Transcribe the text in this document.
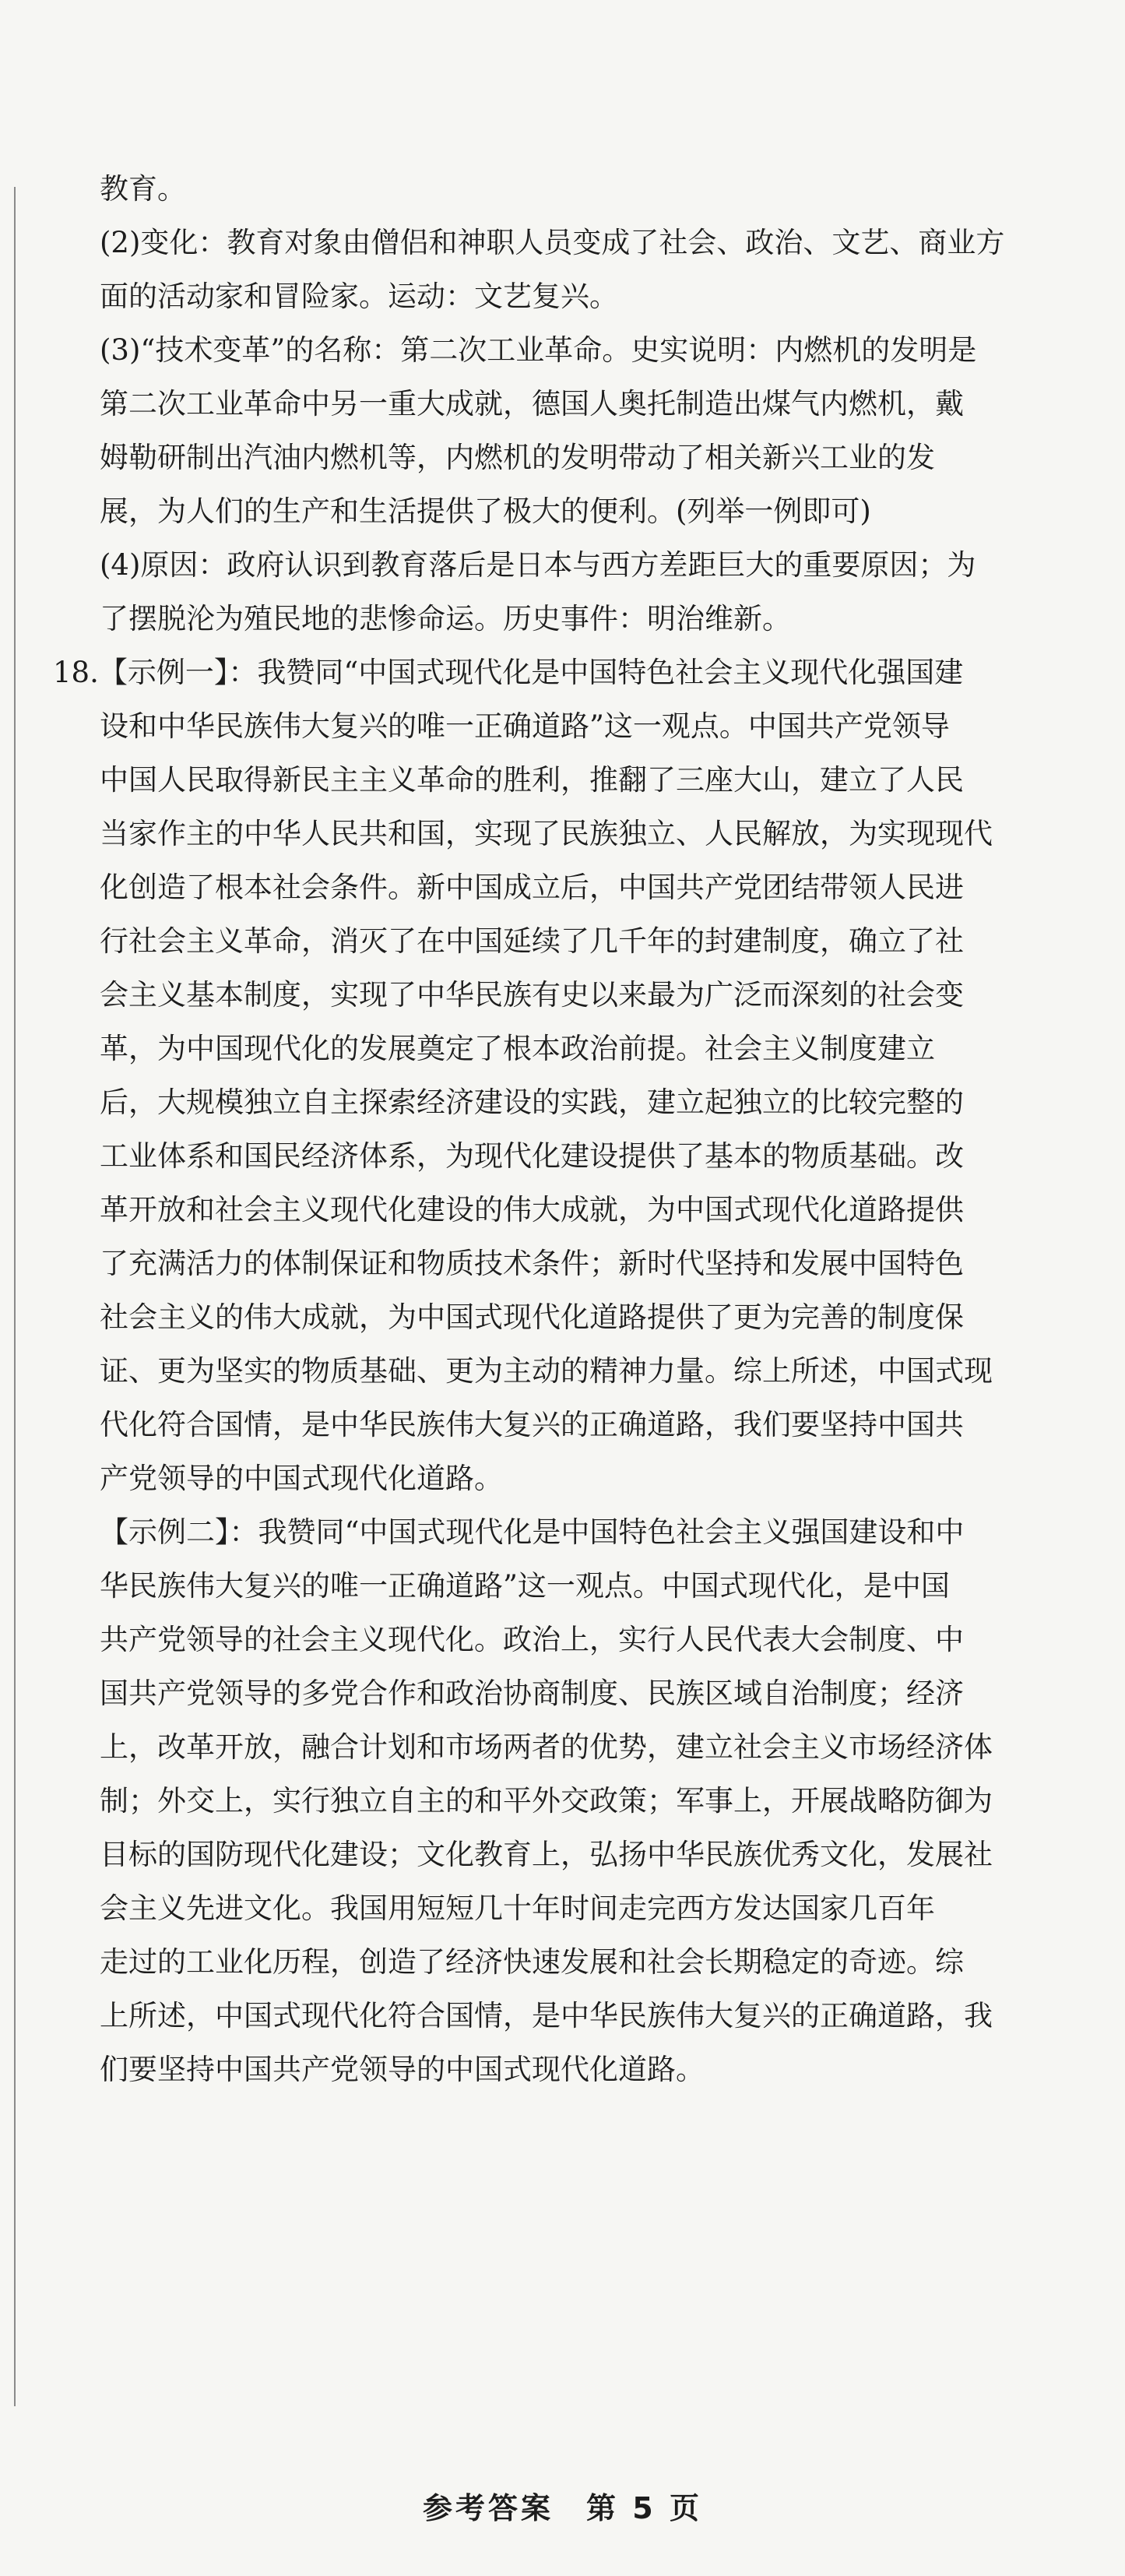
教育。
(2)变化：教育对象由僧侣和神职人员变成了社会、政治、文艺、商业方
面的活动家和冒险家。运动：文艺复兴。
(3)“技术变革”的名称：第二次工业革命。史实说明：内燃机的发明是
第二次工业革命中另一重大成就，德国人奥托制造出煤气内燃机，戴
姆勒研制出汽油内燃机等，内燃机的发明带动了相关新兴工业的发
展，为人们的生产和生活提供了极大的便利。(列举一例即可)
(4)原因：政府认识到教育落后是日本与西方差距巨大的重要原因；为
了摆脱沦为殖民地的悲惨命运。历史事件：明治维新。
18.【示例一】：我赞同“中国式现代化是中国特色社会主义现代化强国建
设和中华民族伟大复兴的唯一正确道路”这一观点。中国共产党领导
中国人民取得新民主主义革命的胜利，推翻了三座大山，建立了人民
当家作主的中华人民共和国，实现了民族独立、人民解放，为实现现代
化创造了根本社会条件。新中国成立后，中国共产党团结带领人民进
行社会主义革命，消灭了在中国延续了几千年的封建制度，确立了社
会主义基本制度，实现了中华民族有史以来最为广泛而深刻的社会变
革，为中国现代化的发展奠定了根本政治前提。社会主义制度建立
后，大规模独立自主探索经济建设的实践，建立起独立的比较完整的
工业体系和国民经济体系，为现代化建设提供了基本的物质基础。改
革开放和社会主义现代化建设的伟大成就，为中国式现代化道路提供
了充满活力的体制保证和物质技术条件；新时代坚持和发展中国特色
社会主义的伟大成就，为中国式现代化道路提供了更为完善的制度保
证、更为坚实的物质基础、更为主动的精神力量。综上所述，中国式现
代化符合国情，是中华民族伟大复兴的正确道路，我们要坚持中国共
产党领导的中国式现代化道路。
【示例二】：我赞同“中国式现代化是中国特色社会主义强国建设和中
华民族伟大复兴的唯一正确道路”这一观点。中国式现代化，是中国
共产党领导的社会主义现代化。政治上，实行人民代表大会制度、中
国共产党领导的多党合作和政治协商制度、民族区域自治制度；经济
上，改革开放，融合计划和市场两者的优势，建立社会主义市场经济体
制；外交上，实行独立自主的和平外交政策；军事上，开展战略防御为
目标的国防现代化建设；文化教育上，弘扬中华民族优秀文化，发展社
会主义先进文化。我国用短短几十年时间走完西方发达国家几百年
走过的工业化历程，创造了经济快速发展和社会长期稳定的奇迹。综
上所述，中国式现代化符合国情，是中华民族伟大复兴的正确道路，我
们要坚持中国共产党领导的中国式现代化道路。
参考答案　第 5 页
